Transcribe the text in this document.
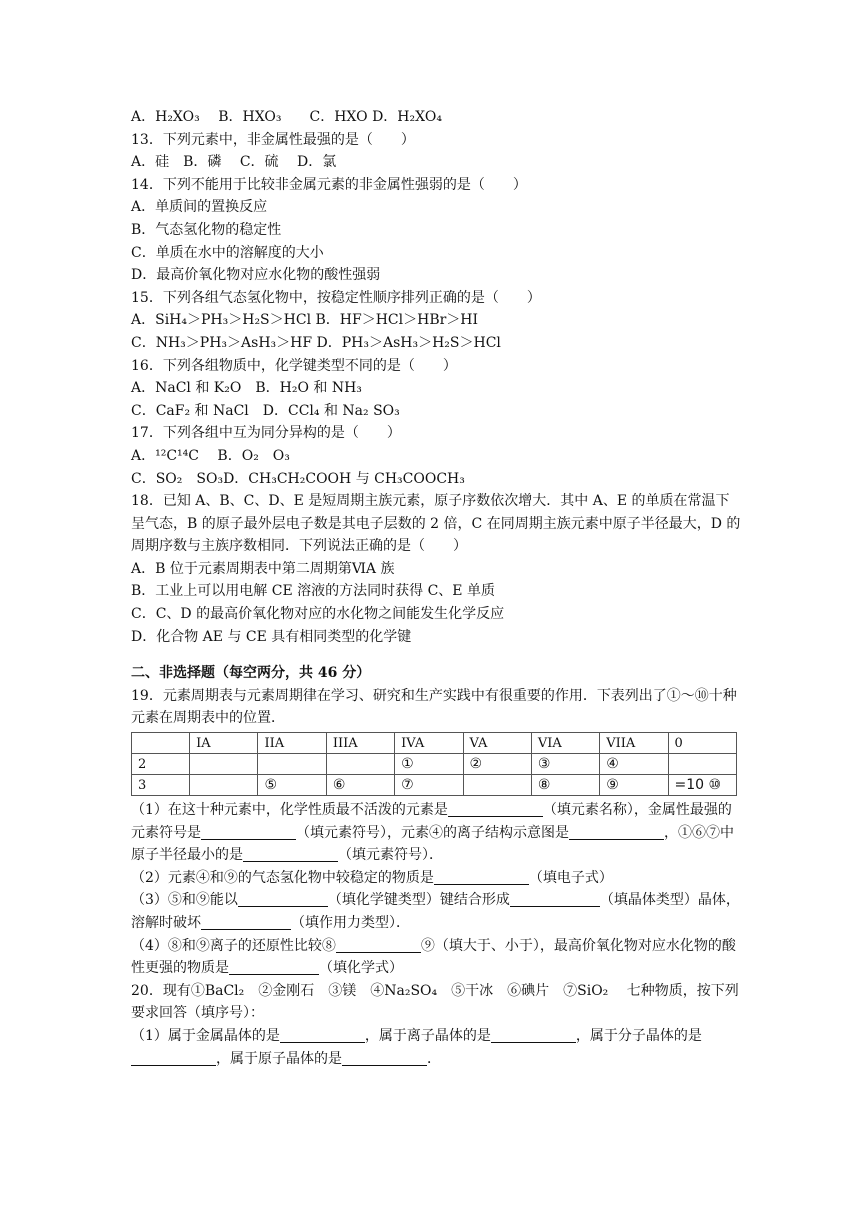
A．H₂XO₃　 B．HXO₃　　C．HXO D．H₂XO₄
13．下列元素中，非金属性最强的是（　　）
A．硅　B．磷　 C．硫　 D．氯
14．下列不能用于比较非金属元素的非金属性强弱的是（　　）
A．单质间的置换反应
B．气态氢化物的稳定性
C．单质在水中的溶解度的大小
D．最高价氧化物对应水化物的酸性强弱
15．下列各组气态氢化物中，按稳定性顺序排列正确的是（　　）
A．SiH₄＞PH₃＞H₂S＞HCl B．HF＞HCl＞HBr＞HI
C．NH₃＞PH₃＞AsH₃＞HF D．PH₃＞AsH₃＞H₂S＞HCl
16．下列各组物质中，化学键类型不同的是（　　）
A．NaCl 和 K₂O　B．H₂O 和 NH₃
C．CaF₂ 和 NaCl　D．CCl₄ 和 Na₂ SO₃
17．下列各组中互为同分异构的是（　　）
A．¹²C¹⁴C　 B．O₂　O₃
C．SO₂　SO₃D．CH₃CH₂COOH 与 CH₃COOCH₃
18．已知 A、B、C、D、E 是短周期主族元素，原子序数依次增大．其中 A、E 的单质在常温下呈气态，B 的原子最外层电子数是其电子层数的 2 倍，C 在同周期主族元素中原子半径最大，D 的周期序数与主族序数相同．下列说法正确的是（　　）
A．B 位于元素周期表中第二周期第ⅥA 族
B．工业上可以用电解 CE 溶液的方法同时获得 C、E 单质
C．C、D 的最高价氧化物对应的水化物之间能发生化学反应
D．化合物 AE 与 CE 具有相同类型的化学键
二、非选择题（每空两分，共 46 分）
19．元素周期表与元素周期律在学习、研究和生产实践中有很重要的作用．下表列出了①～⑩十种元素在周期表中的位置．
	IA	IIA	IIIA	IVA	VA	VIA	VIIA	0
2				①	②	③	④	
3		⑤	⑥	⑦		⑧	⑨	=10 ⑩
（1）在这十种元素中，化学性质最不活泼的元素是	（填元素名称），金属性最强的元素符号是	（填元素符号），元素④的离子结构示意图是	，①⑥⑦中原子半径最小的是	（填元素符号）．
（2）元素④和⑨的气态氢化物中较稳定的物质是	（填电子式）
（3）⑤和⑨能以	（填化学键类型）键结合形成	（填晶体类型）晶体，溶解时破坏	（填作用力类型）．
（4）⑧和⑨离子的还原性比较⑧	⑨（填大于、小于），最高价氧化物对应水化物的酸性更强的物质是	（填化学式）
20．现有①BaCl₂　②金刚石　③镁　④Na₂SO₄　⑤干冰　⑥碘片　⑦SiO₂　 七种物质，按下列要求回答（填序号）：
（1）属于金属晶体的是	，属于离子晶体的是	，属于分子晶体的是，属于原子晶体的是	．
